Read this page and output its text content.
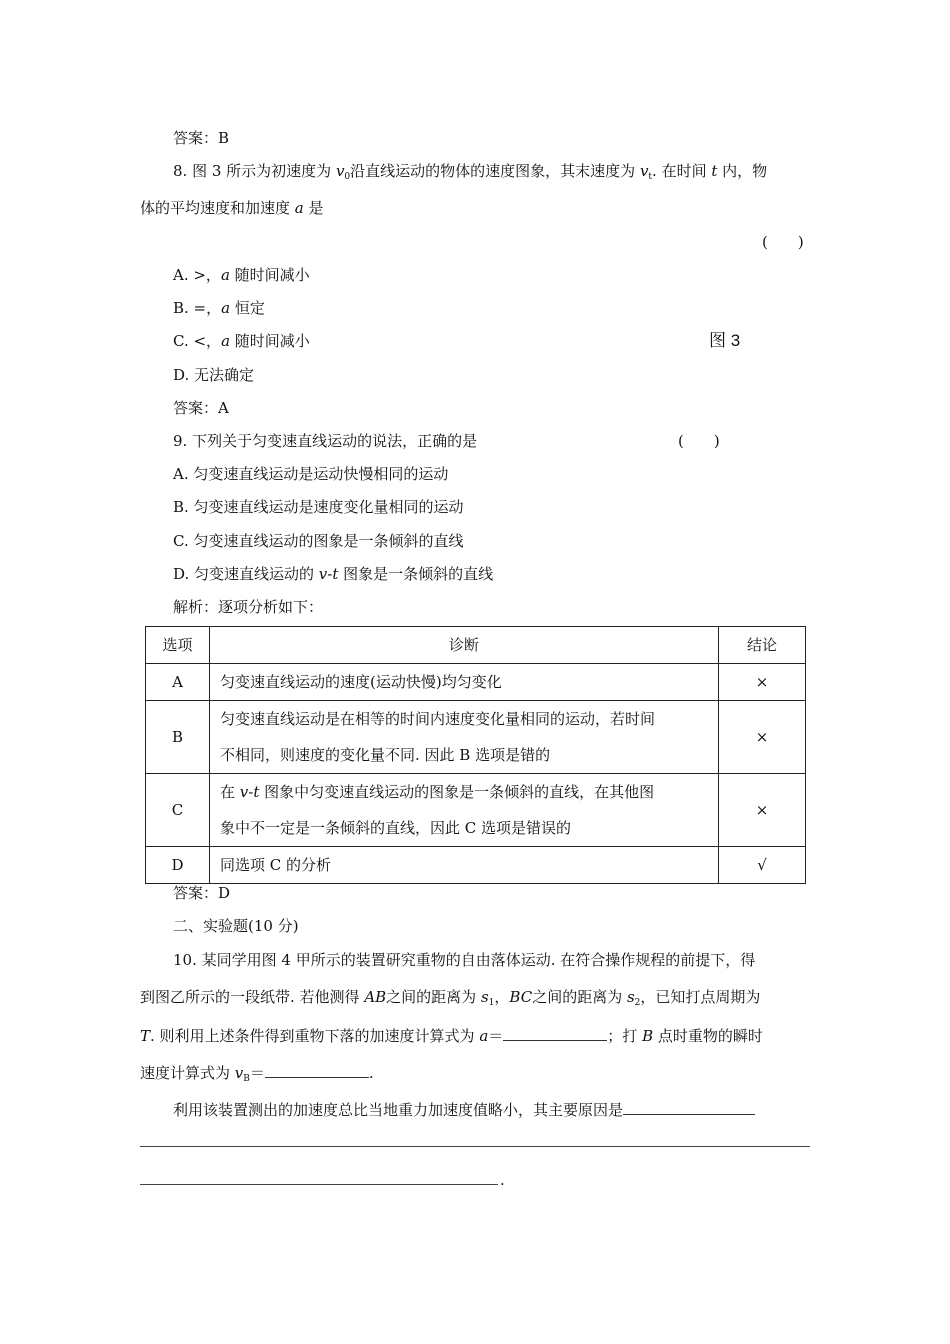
答案：B
8. 图 3 所示为初速度为 $v_0$沿直线运动的物体的速度图象，其末速度为 $v_t$. 在时间 t 内，物
体的平均速度和加速度 a 是
(　　)
A. >，a 随时间减小
B. =，a 恒定
C. <，a 随时间减小	图 3
D. 无法确定
答案：A
9. 下列关于匀变速直线运动的说法，正确的是	(　　)
A. 匀变速直线运动是运动快慢相同的运动
B. 匀变速直线运动是速度变化量相同的运动
C. 匀变速直线运动的图象是一条倾斜的直线
D. 匀变速直线运动的 v-t 图象是一条倾斜的直线
解析：逐项分析如下：
选项	诊断	结论
A	匀变速直线运动的速度(运动快慢)均匀变化	×
B	匀变速直线运动是在相等的时间内速度变化量相同的运动，若时间
不相同，则速度的变化量不同. 因此 B 选项是错的	×
C	在 v-t 图象中匀变速直线运动的图象是一条倾斜的直线，在其他图
象中不一定是一条倾斜的直线，因此 C 选项是错误的	×
D	同选项 C 的分析	√
答案：D
二、实验题(10 分)
10. 某同学用图 4 甲所示的装置研究重物的自由落体运动. 在符合操作规程的前提下，得
到图乙所示的一段纸带. 若他测得 AB之间的距离为 $s_1$，BC之间的距离为 $s_2$，已知打点周期为
T. 则利用上述条件得到重物下落的加速度计算式为 a＝	；打 B 点时重物的瞬时
速度计算式为 $v_B=$	.
利用该装置测出的加速度总比当地重力加速度值略小，其主要原因是
.
